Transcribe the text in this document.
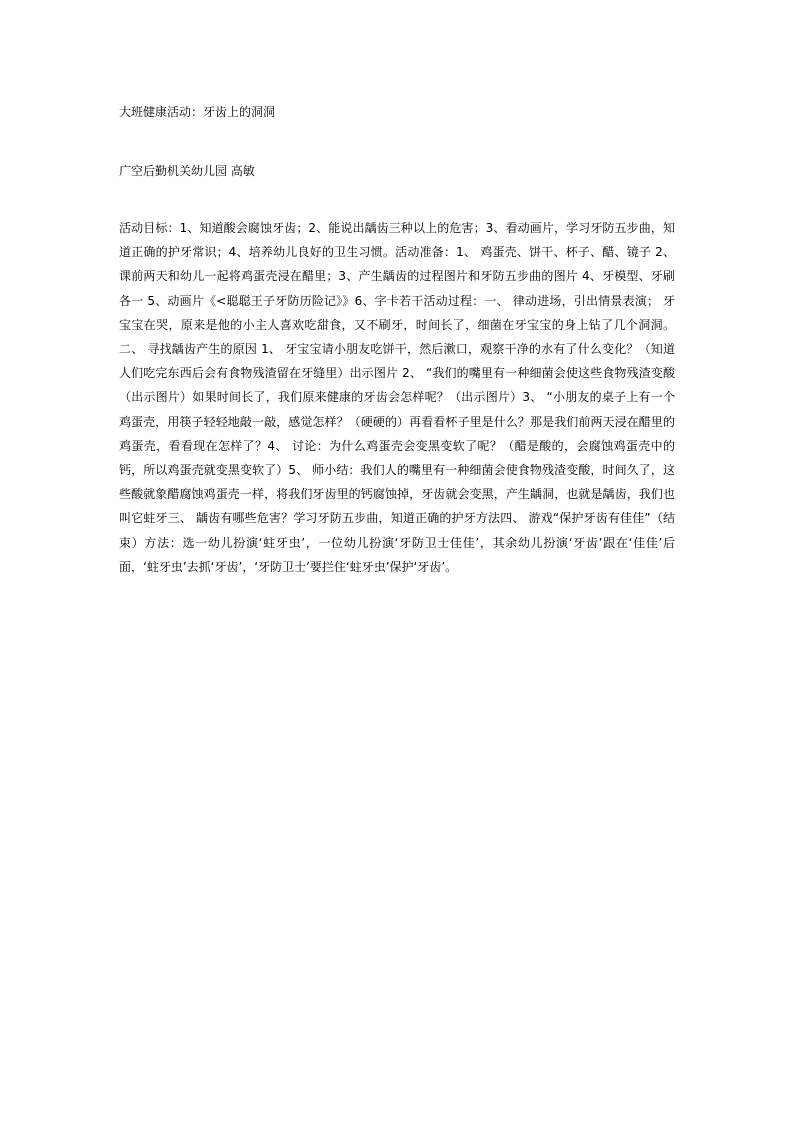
大班健康活动：牙齿上的洞洞
广空后勤机关幼儿园 高敏
活动目标：1、知道酸会腐蚀牙齿；2、能说出龋齿三种以上的危害；3、看动画片，学习牙防五步曲，知道正确的护牙常识；4、培养幼儿良好的卫生习惯。活动准备：1、 鸡蛋壳、饼干、杯子、醋、镜子 2、 课前两天和幼儿一起将鸡蛋壳浸在醋里；3、产生龋齿的过程图片和牙防五步曲的图片 4、牙模型、牙刷各一 5、动画片《<聪聪王子牙防历险记》》6、字卡若干活动过程：一、 律动进场，引出情景表演； 牙宝宝在哭，原来是他的小主人喜欢吃甜食，又不刷牙，时间长了，细菌在牙宝宝的身上钻了几个洞洞。二、 寻找龋齿产生的原因 1、 牙宝宝请小朋友吃饼干，然后漱口，观察干净的水有了什么变化？（知道人们吃完东西后会有食物残渣留在牙缝里）出示图片 2、 “我们的嘴里有一种细菌会使这些食物残渣变酸（出示图片）如果时间长了，我们原来健康的牙齿会怎样呢？（出示图片）3、 “小朋友的桌子上有一个鸡蛋壳，用筷子轻轻地敲一敲，感觉怎样？（硬硬的）再看看杯子里是什么？那是我们前两天浸在醋里的鸡蛋壳，看看现在怎样了？4、 讨论：为什么鸡蛋壳会变黑变软了呢？（醋是酸的，会腐蚀鸡蛋壳中的钙，所以鸡蛋壳就变黑变软了）5、 师小结：我们人的嘴里有一种细菌会使食物残渣变酸，时间久了，这些酸就象醋腐蚀鸡蛋壳一样，将我们牙齿里的钙腐蚀掉，牙齿就会变黑，产生龋洞，也就是龋齿，我们也叫它蛀牙三、 龋齿有哪些危害？学习牙防五步曲，知道正确的护牙方法四、 游戏“保护牙齿有佳佳”（结束）方法：选一幼儿扮演‘蛀牙虫’，一位幼儿扮演‘牙防卫士佳佳’，其余幼儿扮演‘牙齿’跟在‘佳佳’后面，‘蛀牙虫’去抓‘牙齿’，‘牙防卫士’要拦住‘蛀牙虫’保护‘牙齿’。
